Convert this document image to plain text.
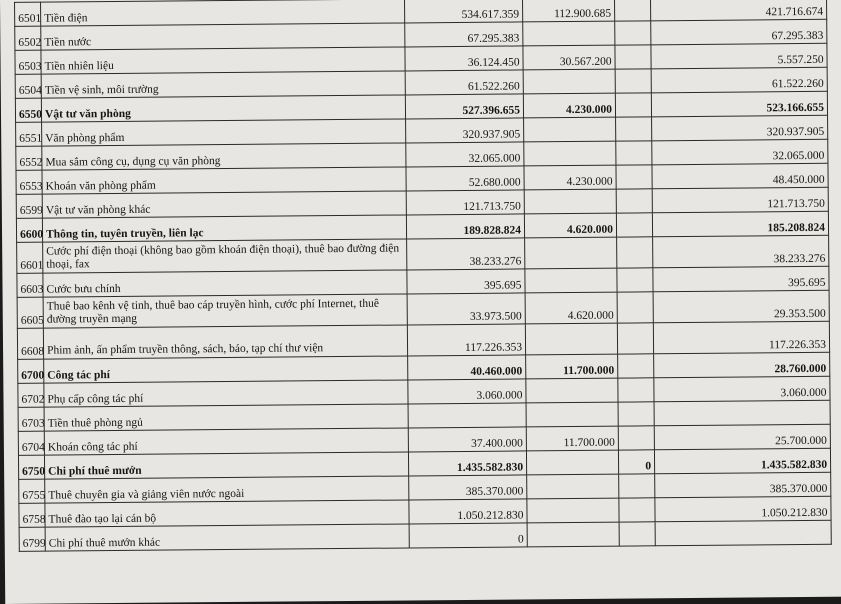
6501	Tiền điện	534.617.359	112.900.685		421.716.674
6502	Tiền nước	67.295.383			67.295.383
6503	Tiền nhiên liệu	36.124.450	30.567.200		5.557.250
6504	Tiền vệ sinh, môi trường	61.522.260			61.522.260
6550	Vật tư văn phòng	527.396.655	4.230.000		523.166.655
6551	Văn phòng phẩm	320.937.905			320.937.905
6552	Mua sắm công cụ, dụng cụ văn phòng	32.065.000			32.065.000
6553	Khoán văn phòng phẩm	52.680.000	4.230.000		48.450.000
6599	Vật tư văn phòng khác	121.713.750			121.713.750
6600	Thông tin, tuyên truyền, liên lạc	189.828.824	4.620.000		185.208.824
6601	Cước phí điện thoại (không bao gồm khoán điện thoại), thuê bao đường điện thoại, fax	38.233.276			38.233.276
6603	Cước bưu chính	395.695			395.695
6605	Thuê bao kênh vệ tinh, thuê bao cáp truyền hình, cước phí Internet, thuê đường truyền mạng	33.973.500	4.620.000		29.353.500
6608	Phim ảnh, ấn phẩm truyền thông, sách, báo, tạp chí thư viện	117.226.353			117.226.353
6700	Công tác phí	40.460.000	11.700.000		28.760.000
6702	Phụ cấp công tác phí	3.060.000			3.060.000
6703	Tiền thuê phòng ngủ				
6704	Khoán công tác phí	37.400.000	11.700.000		25.700.000
6750	Chi phí thuê mướn	1.435.582.830		0	1.435.582.830
6755	Thuê chuyên gia và giảng viên nước ngoài	385.370.000			385.370.000
6758	Thuê đào tạo lại cán bộ	1.050.212.830			1.050.212.830
6799	Chi phí thuê mướn khác	0			
